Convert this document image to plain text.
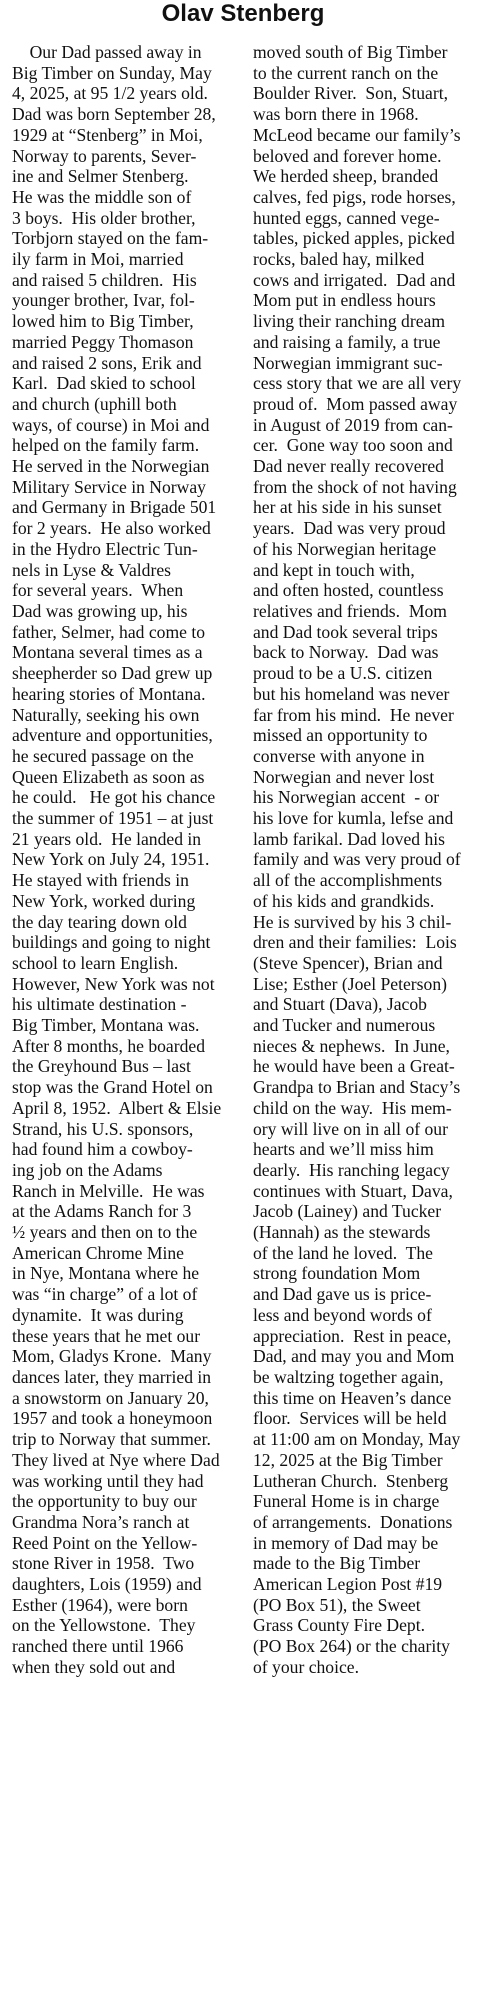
Olav Stenberg
Our Dad passed away in
Big Timber on Sunday, May
4, 2025, at 95 1/2 years old.
Dad was born September 28,
1929 at “Stenberg” in Moi,
Norway to parents, Sever-
ine and Selmer Stenberg.
He was the middle son of
3 boys.  His older brother,
Torbjorn stayed on the fam-
ily farm in Moi, married
and raised 5 children.  His
younger brother, Ivar, fol-
lowed him to Big Timber,
married Peggy Thomason
and raised 2 sons, Erik and
Karl.  Dad skied to school
and church (uphill both
ways, of course) in Moi and
helped on the family farm.
He served in the Norwegian
Military Service in Norway
and Germany in Brigade 501
for 2 years.  He also worked
in the Hydro Electric Tun-
nels in Lyse & Valdres
for several years.  When
Dad was growing up, his
father, Selmer, had come to
Montana several times as a
sheepherder so Dad grew up
hearing stories of Montana.
Naturally, seeking his own
adventure and opportunities,
he secured passage on the
Queen Elizabeth as soon as
he could.   He got his chance
the summer of 1951 – at just
21 years old.  He landed in
New York on July 24, 1951.
He stayed with friends in
New York, worked during
the day tearing down old
buildings and going to night
school to learn English.
However, New York was not
his ultimate destination -
Big Timber, Montana was.
After 8 months, he boarded
the Greyhound Bus – last
stop was the Grand Hotel on
April 8, 1952.  Albert & Elsie
Strand, his U.S. sponsors,
had found him a cowboy-
ing job on the Adams
Ranch in Melville.  He was
at the Adams Ranch for 3
½ years and then on to the
American Chrome Mine
in Nye, Montana where he
was “in charge” of a lot of
dynamite.  It was during
these years that he met our
Mom, Gladys Krone.  Many
dances later, they married in
a snowstorm on January 20,
1957 and took a honeymoon
trip to Norway that summer.
They lived at Nye where Dad
was working until they had
the opportunity to buy our
Grandma Nora’s ranch at
Reed Point on the Yellow-
stone River in 1958.  Two
daughters, Lois (1959) and
Esther (1964), were born
on the Yellowstone.  They
ranched there until 1966
when they sold out and
moved south of Big Timber
to the current ranch on the
Boulder River.  Son, Stuart,
was born there in 1968.
McLeod became our family’s
beloved and forever home.
We herded sheep, branded
calves, fed pigs, rode horses,
hunted eggs, canned vege-
tables, picked apples, picked
rocks, baled hay, milked
cows and irrigated.  Dad and
Mom put in endless hours
living their ranching dream
and raising a family, a true
Norwegian immigrant suc-
cess story that we are all very
proud of.  Mom passed away
in August of 2019 from can-
cer.  Gone way too soon and
Dad never really recovered
from the shock of not having
her at his side in his sunset
years.  Dad was very proud
of his Norwegian heritage
and kept in touch with,
and often hosted, countless
relatives and friends.  Mom
and Dad took several trips
back to Norway.  Dad was
proud to be a U.S. citizen
but his homeland was never
far from his mind.  He never
missed an opportunity to
converse with anyone in
Norwegian and never lost
his Norwegian accent  - or
his love for kumla, lefse and
lamb farikal. Dad loved his
family and was very proud of
all of the accomplishments
of his kids and grandkids.
He is survived by his 3 chil-
dren and their families:  Lois
(Steve Spencer), Brian and
Lise; Esther (Joel Peterson)
and Stuart (Dava), Jacob
and Tucker and numerous
nieces & nephews.  In June,
he would have been a Great-
Grandpa to Brian and Stacy’s
child on the way.  His mem-
ory will live on in all of our
hearts and we’ll miss him
dearly.  His ranching legacy
continues with Stuart, Dava,
Jacob (Lainey) and Tucker
(Hannah) as the stewards
of the land he loved.  The
strong foundation Mom
and Dad gave us is price-
less and beyond words of
appreciation.  Rest in peace,
Dad, and may you and Mom
be waltzing together again,
this time on Heaven’s dance
floor.  Services will be held
at 11:00 am on Monday, May
12, 2025 at the Big Timber
Lutheran Church.  Stenberg
Funeral Home is in charge
of arrangements.  Donations
in memory of Dad may be
made to the Big Timber
American Legion Post #19
(PO Box 51), the Sweet
Grass County Fire Dept.
(PO Box 264) or the charity
of your choice.
